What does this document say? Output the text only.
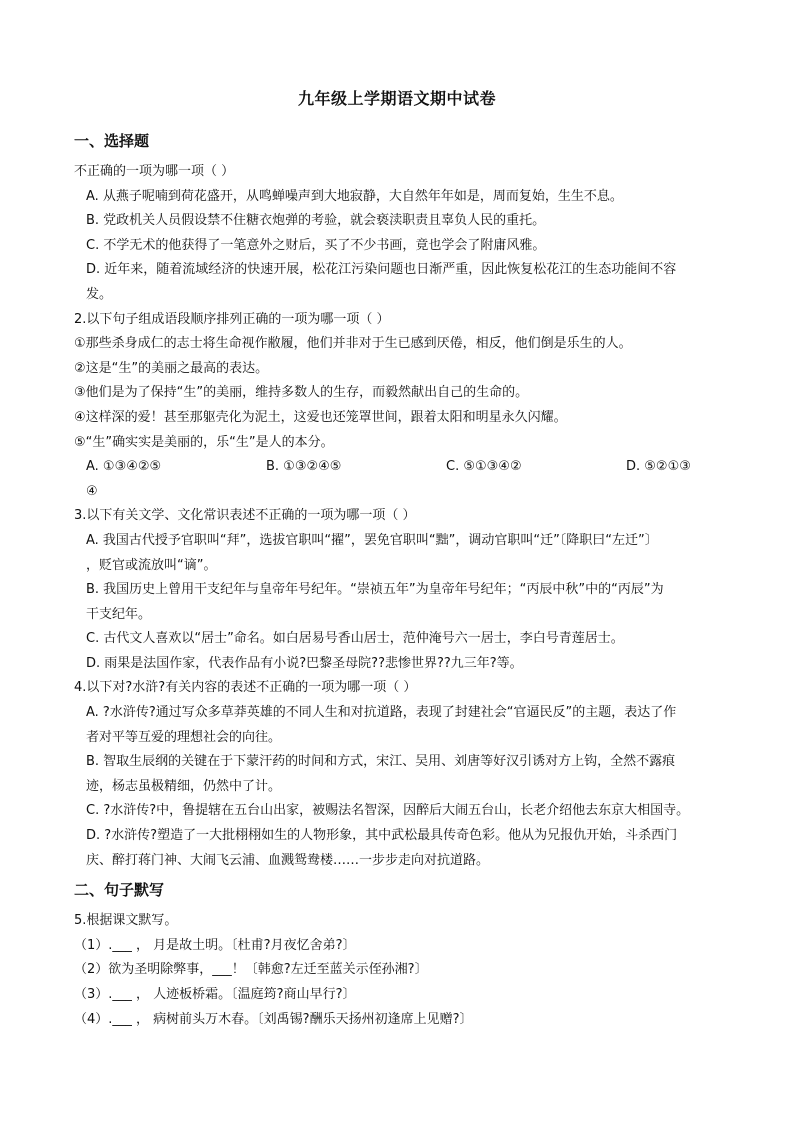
九年级上学期语文期中试卷
一、选择题
不正确的一项为哪一项（ ）
A. 从燕子呢喃到荷花盛开，从鸣蝉噪声到大地寂静，大自然年年如是，周而复始，生生不息。
B. 党政机关人员假设禁不住糖衣炮弹的考验，就会亵渎职责且辜负人民的重托。
C. 不学无术的他获得了一笔意外之财后，买了不少书画，竟也学会了附庸风雅。
D. 近年来，随着流域经济的快速开展，松花江污染问题也日渐严重，因此恢复松花江的生态功能间不容
发。
2.以下句子组成语段顺序排列正确的一项为哪一项（ ）
①那些杀身成仁的志士将生命视作敝履，他们并非对于生已感到厌倦，相反，他们倒是乐生的人。
②这是“生”的美丽之最高的表达。
③他们是为了保持“生”的美丽，维持多数人的生存，而毅然献出自己的生命的。
④这样深的爱！甚至那躯壳化为泥土，这爱也还笼罩世间，跟着太阳和明星永久闪耀。
⑤“生”确实实是美丽的，乐“生”是人的本分。
A. ①③④②⑤	B. ①③②④⑤	C. ⑤①③④②	D. ⑤②①③
④
3.以下有关文学、文化常识表述不正确的一项为哪一项（ ）
A. 我国古代授予官职叫“拜”，选拔官职叫“擢”，罢免官职叫“黜”，调动官职叫“迁”〔降职曰“左迁”〕
，贬官或流放叫“谪”。
B. 我国历史上曾用干支纪年与皇帝年号纪年。“崇祯五年”为皇帝年号纪年；“丙辰中秋”中的“丙辰”为
干支纪年。
C. 古代文人喜欢以“居士”命名。如白居易号香山居士，范仲淹号六一居士，李白号青莲居士。
D. 雨果是法国作家，代表作品有小说?巴黎圣母院??悲惨世界??九三年?等。
4.以下对?水浒?有关内容的表述不正确的一项为哪一项（ ）
A. ?水浒传?通过写众多草莽英雄的不同人生和对抗道路，表现了封建社会“官逼民反”的主题，表达了作
者对平等互爱的理想社会的向往。
B. 智取生辰纲的关键在于下蒙汗药的时间和方式，宋江、吴用、刘唐等好汉引诱对方上钩，全然不露痕
迹，杨志虽极精细，仍然中了计。
C. ?水浒传?中，鲁提辖在五台山出家，被赐法名智深，因醉后大闹五台山，长老介绍他去东京大相国寺。
D. ?水浒传?塑造了一大批栩栩如生的人物形象，其中武松最具传奇色彩。他从为兄报仇开始，斗杀西门
庆、醉打蒋门神、大闹飞云浦、血溅鸳鸯楼……一步步走向对抗道路。
二、句子默写
5.根据课文默写。
（1）.___ ， 月是故土明。〔杜甫?月夜忆舍弟?〕
（2）欲为圣明除弊事，___！〔韩愈?左迁至蓝关示侄孙湘?〕
（3）.___ ， 人迹板桥霜。〔温庭筠?商山早行?〕
（4）.___ ， 病树前头万木春。〔刘禹锡?酬乐天扬州初逢席上见赠?〕
